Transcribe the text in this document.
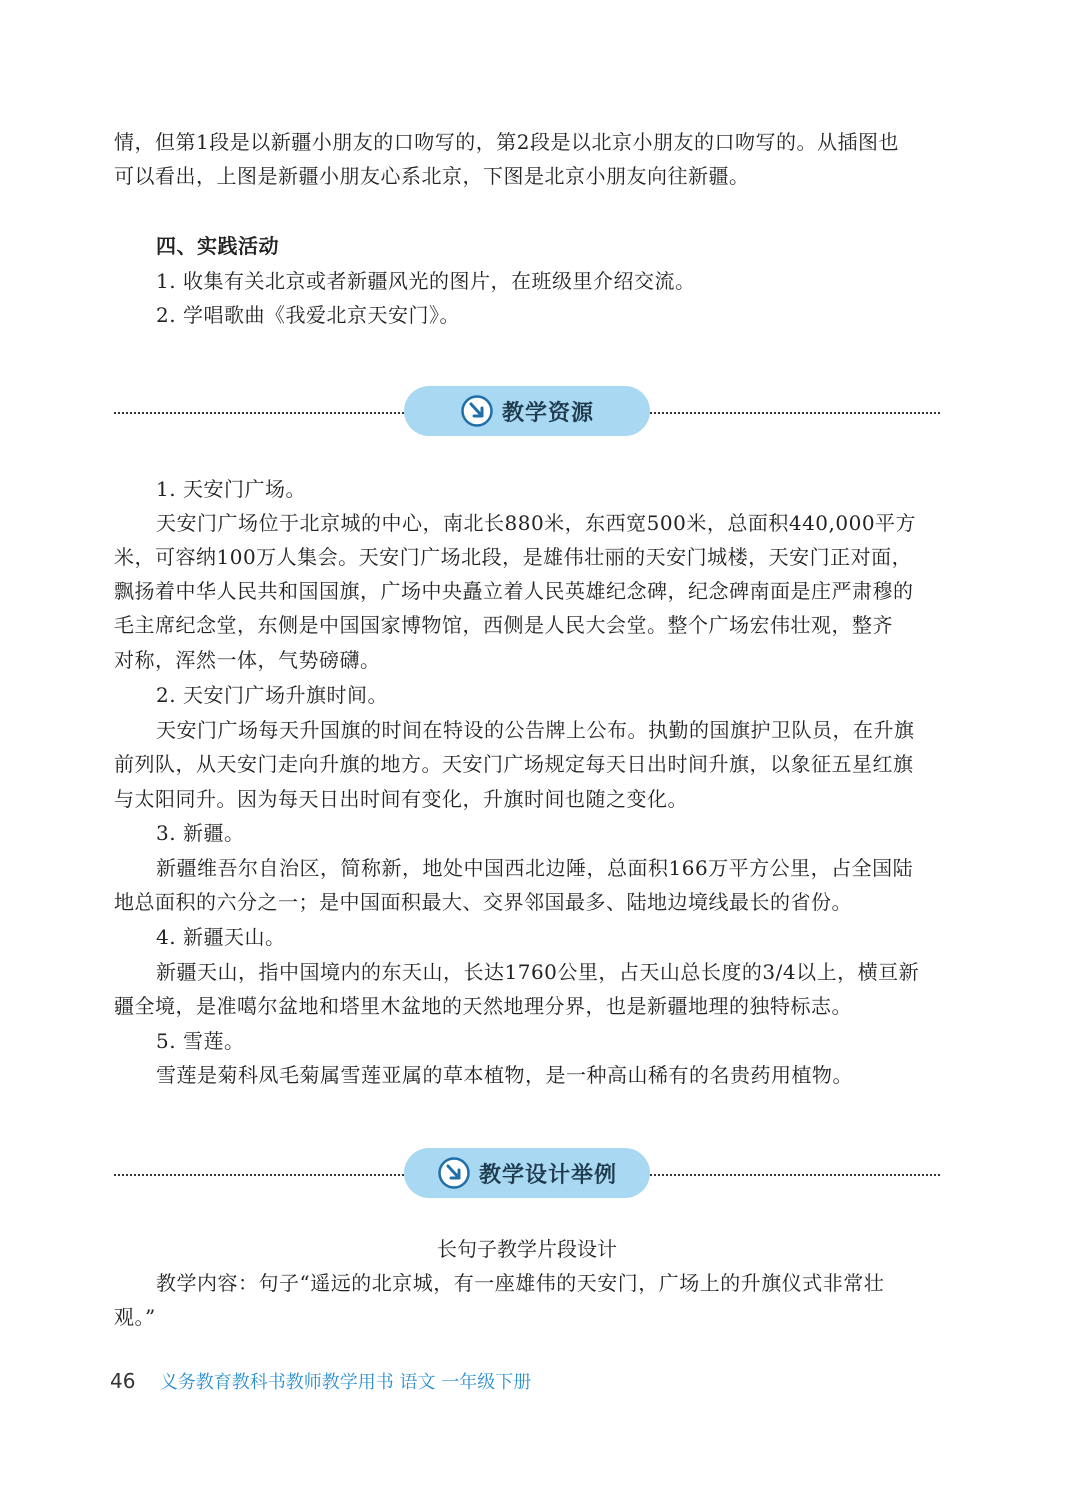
情，但第1段是以新疆小朋友的口吻写的，第2段是以北京小朋友的口吻写的。从插图也
可以看出，上图是新疆小朋友心系北京，下图是北京小朋友向往新疆。
四、实践活动
1. 收集有关北京或者新疆风光的图片，在班级里介绍交流。
2. 学唱歌曲《我爱北京天安门》。
教学资源
1. 天安门广场。
天安门广场位于北京城的中心，南北长880米，东西宽500米，总面积440,000平方
米，可容纳100万人集会。天安门广场北段，是雄伟壮丽的天安门城楼，天安门正对面，
飘扬着中华人民共和国国旗，广场中央矗立着人民英雄纪念碑，纪念碑南面是庄严肃穆的
毛主席纪念堂，东侧是中国国家博物馆，西侧是人民大会堂。整个广场宏伟壮观，整齐
对称，浑然一体，气势磅礴。
2. 天安门广场升旗时间。
天安门广场每天升国旗的时间在特设的公告牌上公布。执勤的国旗护卫队员，在升旗
前列队，从天安门走向升旗的地方。天安门广场规定每天日出时间升旗，以象征五星红旗
与太阳同升。因为每天日出时间有变化，升旗时间也随之变化。
3. 新疆。
新疆维吾尔自治区，简称新，地处中国西北边陲，总面积166万平方公里，占全国陆
地总面积的六分之一；是中国面积最大、交界邻国最多、陆地边境线最长的省份。
4. 新疆天山。
新疆天山，指中国境内的东天山，长达1760公里，占天山总长度的3/4以上，横亘新
疆全境，是准噶尔盆地和塔里木盆地的天然地理分界，也是新疆地理的独特标志。
5. 雪莲。
雪莲是菊科凤毛菊属雪莲亚属的草本植物，是一种高山稀有的名贵药用植物。
教学设计举例
长句子教学片段设计
教学内容：句子“遥远的北京城，有一座雄伟的天安门，广场上的升旗仪式非常壮
观。”
46 义务教育教科书教师教学用书 语文 一年级下册
